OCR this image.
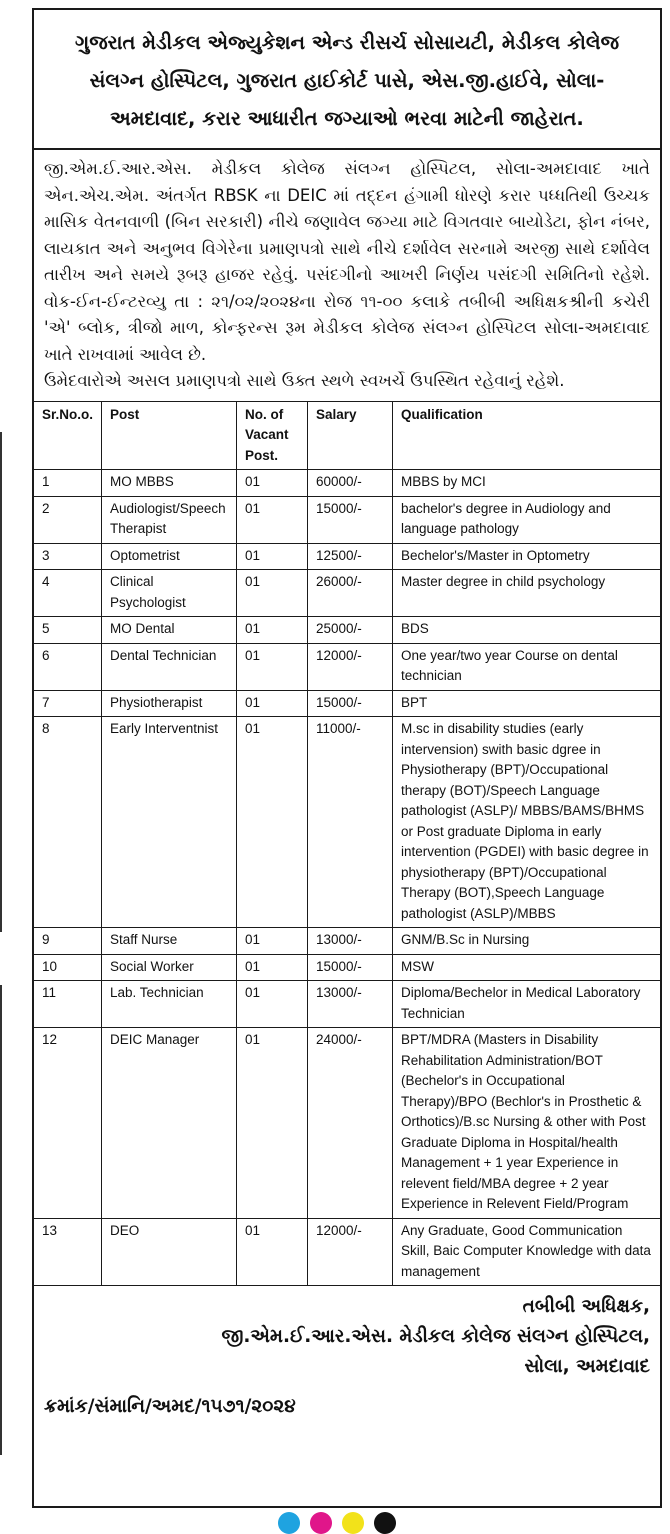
ગુજરાત મેડીકલ એજ્યુકેશન એન્ડ રીસર્ચ સોસાયટી, મેડીકલ કોલેજ
સંલગ્ન હોસ્પિટલ, ગુજરાત હાઈકોર્ટ પાસે, એસ.જી.હાઈવે, સોલા-
અમદાવાદ, કરાર આધારીત જગ્યાઓ ભરવા માટેની જાહેરાત.

જી.એમ.ઈ.આર.એસ. મેડીકલ કોલેજ સંલગ્ન હોસ્પિટલ, સોલા-અમદાવાદ ખાતે એન.એચ.એમ. અંતર્ગત RBSK ના DEIC માં તદ્દન હંગામી ધોરણે કરાર પધ્ધતિથી ઉચ્ચક માસિક વેતનવાળી (બિન સરકારી) નીચે જણાવેલ જગ્યા માટે વિગતવાર બાયોડેટા, ફોન નંબર, લાયકાત અને અનુભવ વિગેરેના પ્રમાણપત્રો સાથે નીચે દર્શાવેલ સરનામે અરજી સાથે દર્શાવેલ તારીખ અને સમયે રૂબરૂ હાજર રહેવું. પસંદગીનો આખરી નિર્ણય પસંદગી સમિતિનો રહેશે. વોક-ઈન-ઈન્ટરવ્યુ તા : ૨૧/૦૨/૨૦૨૪ના રોજ ૧૧-૦૦ કલાકે તબીબી અધિક્ષકશ્રીની કચેરી 'એ' બ્લોક, ત્રીજો માળ, કોન્ફરન્સ રૂમ મેડીકલ કોલેજ સંલગ્ન હોસ્પિટલ સોલા-અમદાવાદ ખાતે રાખવામાં આવેલ છે.

ઉમેદવારોએ અસલ પ્રમાણપત્રો સાથે ઉક્ત સ્થળે સ્વખર્ચે ઉપસ્થિત રહેવાનું રહેશે.

Sr.No.o.	Post	No. of Vacant Post.	Salary	Qualification
1	MO MBBS	01	60000/-	MBBS by MCI
2	Audiologist/Speech Therapist	01	15000/-	bachelor's degree in Audiology and language pathology
3	Optometrist	01	12500/-	Bechelor's/Master in Optometry
4	Clinical Psychologist	01	26000/-	Master degree in child psychology
5	MO Dental	01	25000/-	BDS
6	Dental Technician	01	12000/-	One year/two year Course on dental technician
7	Physiotherapist	01	15000/-	BPT
8	Early Interventnist	01	11000/-	M.sc in disability studies (early intervension) swith basic dgree in Physiotherapy (BPT)/Occupational therapy (BOT)/Speech Language pathologist (ASLP)/ MBBS/BAMS/BHMS or Post graduate Diploma in early intervention (PGDEI) with basic degree in physiotherapy (BPT)/Occupational Therapy (BOT),Speech Language pathologist (ASLP)/MBBS
9	Staff Nurse	01	13000/-	GNM/B.Sc in Nursing
10	Social Worker	01	15000/-	MSW
11	Lab. Technician	01	13000/-	Diploma/Bechelor in Medical Laboratory Technician
12	DEIC Manager	01	24000/-	BPT/MDRA (Masters in Disability Rehabilitation Administration/BOT (Bechelor's in Occupational Therapy)/BPO (Bechlor's in Prosthetic & Orthotics)/B.sc Nursing & other with Post Graduate Diploma in Hospital/health Management + 1 year Experience in relevent field/MBA degree + 2 year Experience in Relevent Field/Program
13	DEO	01	12000/-	Any Graduate, Good Communication Skill, Baic Computer Knowledge with data management
તબીબી અધિક્ષક,
જી.એમ.ઈ.આર.એસ. મેડીકલ કોલેજ સંલગ્ન હોસ્પિટલ,
સોલા, અમદાવાદ
ક્રમાંક/સંમાનિ/અમદ/૧૫૭૧/૨૦૨૪
